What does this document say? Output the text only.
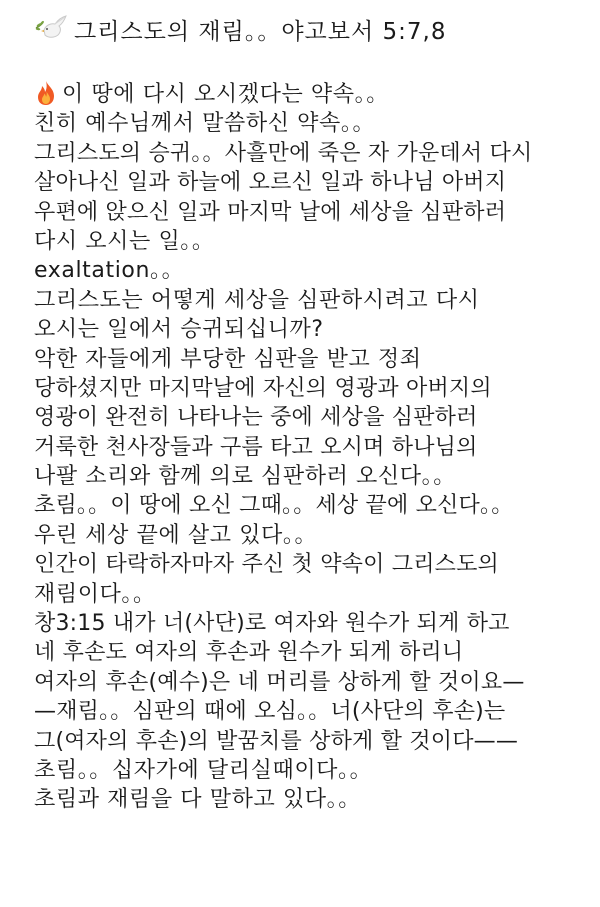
그리스도의 재림。。야고보서 5:7,8
이 땅에 다시 오시겠다는 약속。。
친히 예수님께서 말씀하신 약속。。
그리스도의 승귀。。사흘만에 죽은 자 가운데서 다시
살아나신 일과 하늘에 오르신 일과 하나님 아버지
우편에 앉으신 일과 마지막 날에 세상을 심판하러
다시 오시는 일。。
exaltation。。
그리스도는 어떻게 세상을 심판하시려고 다시
오시는 일에서 승귀되십니까?
악한 자들에게 부당한 심판을 받고 정죄
당하셨지만 마지막날에 자신의 영광과 아버지의
영광이 완전히 나타나는 중에 세상을 심판하러
거룩한 천사장들과 구름 타고 오시며 하나님의
나팔 소리와 함께 의로 심판하러 오신다。。
초림。。이 땅에 오신 그때。。세상 끝에 오신다。。
우린 세상 끝에 살고 있다。。
인간이 타락하자마자 주신 첫 약속이 그리스도의
재림이다。。
창3:15 내가 너(사단)로 여자와 원수가 되게 하고
네 후손도 여자의 후손과 원수가 되게 하리니
여자의 후손(예수)은 네 머리를 상하게 할 것이요—
—재림。。심판의 때에 오심。。너(사단의 후손)는
그(여자의 후손)의 발꿈치를 상하게 할 것이다——
초림。。십자가에 달리실때이다。。
초림과 재림을 다 말하고 있다。。
